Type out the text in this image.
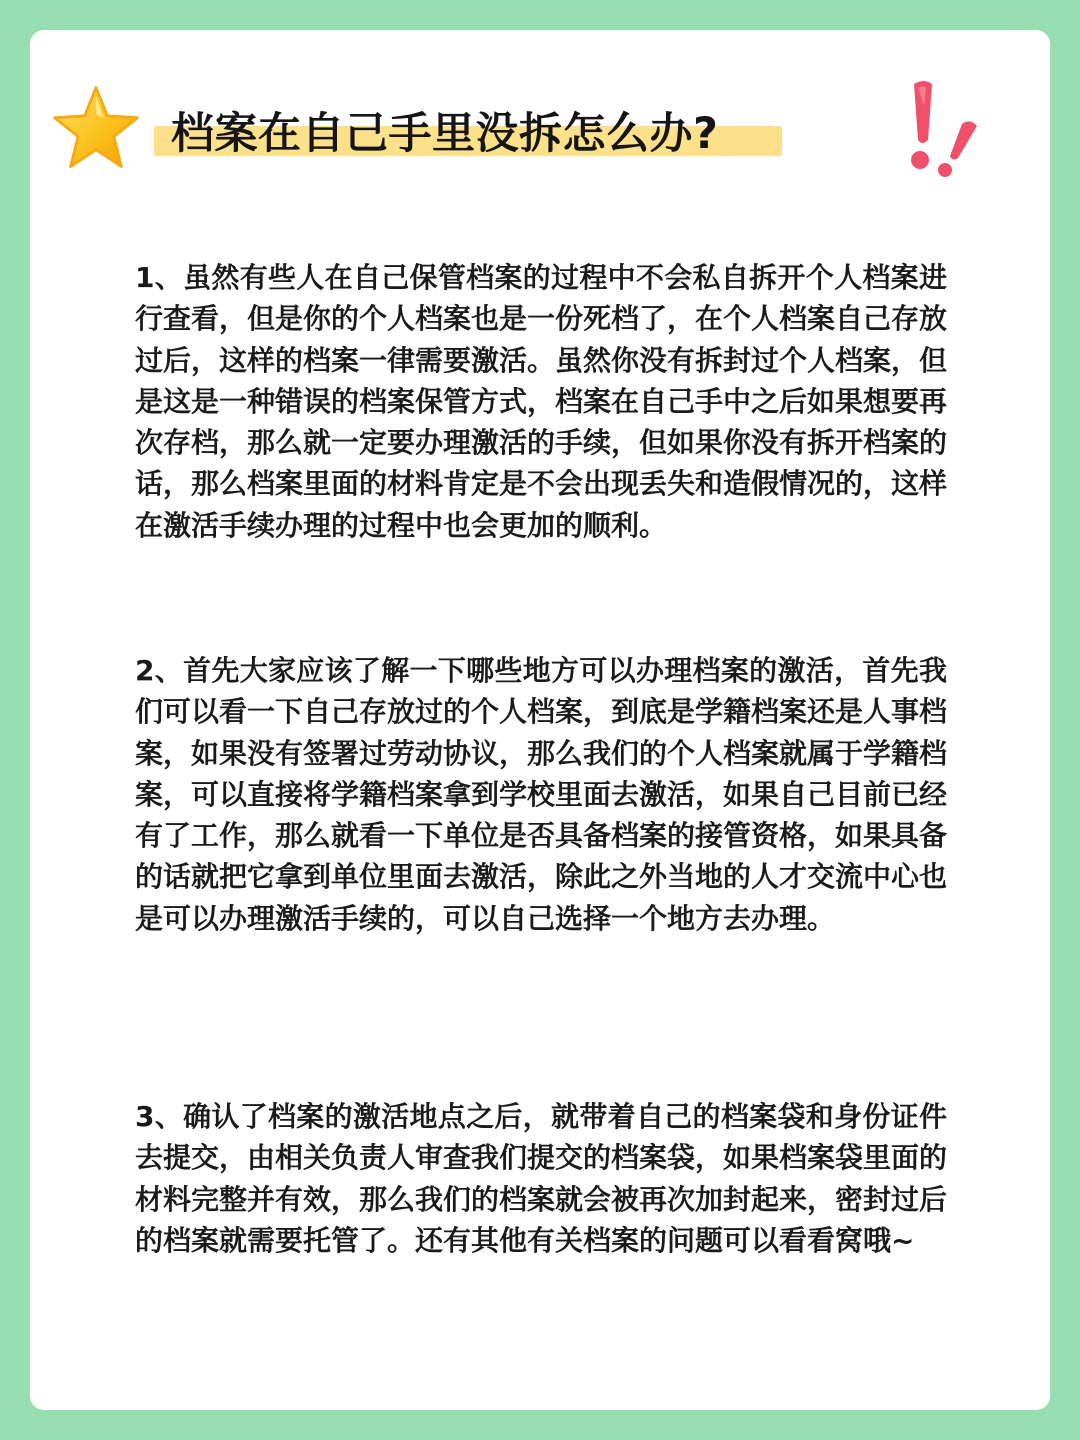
档案在自己手里没拆怎么办?

1、虽然有些人在自己保管档案的过程中不会私自拆开个人档案进行查看，但是你的个人档案也是一份死档了，在个人档案自己存放过后，这样的档案一律需要激活。虽然你没有拆封过个人档案，但是这是一种错误的档案保管方式，档案在自己手中之后如果想要再次存档，那么就一定要办理激活的手续，但如果你没有拆开档案的话，那么档案里面的材料肯定是不会出现丢失和造假情况的，这样在激活手续办理的过程中也会更加的顺利。

2、首先大家应该了解一下哪些地方可以办理档案的激活，首先我们可以看一下自己存放过的个人档案，到底是学籍档案还是人事档案，如果没有签署过劳动协议，那么我们的个人档案就属于学籍档案，可以直接将学籍档案拿到学校里面去激活，如果自己目前已经有了工作，那么就看一下单位是否具备档案的接管资格，如果具备的话就把它拿到单位里面去激活，除此之外当地的人才交流中心也是可以办理激活手续的，可以自己选择一个地方去办理。

3、确认了档案的激活地点之后，就带着自己的档案袋和身份证件去提交，由相关负责人审查我们提交的档案袋，如果档案袋里面的材料完整并有效，那么我们的档案就会被再次加封起来，密封过后的档案就需要托管了。还有其他有关档案的问题可以看看窝哦~
